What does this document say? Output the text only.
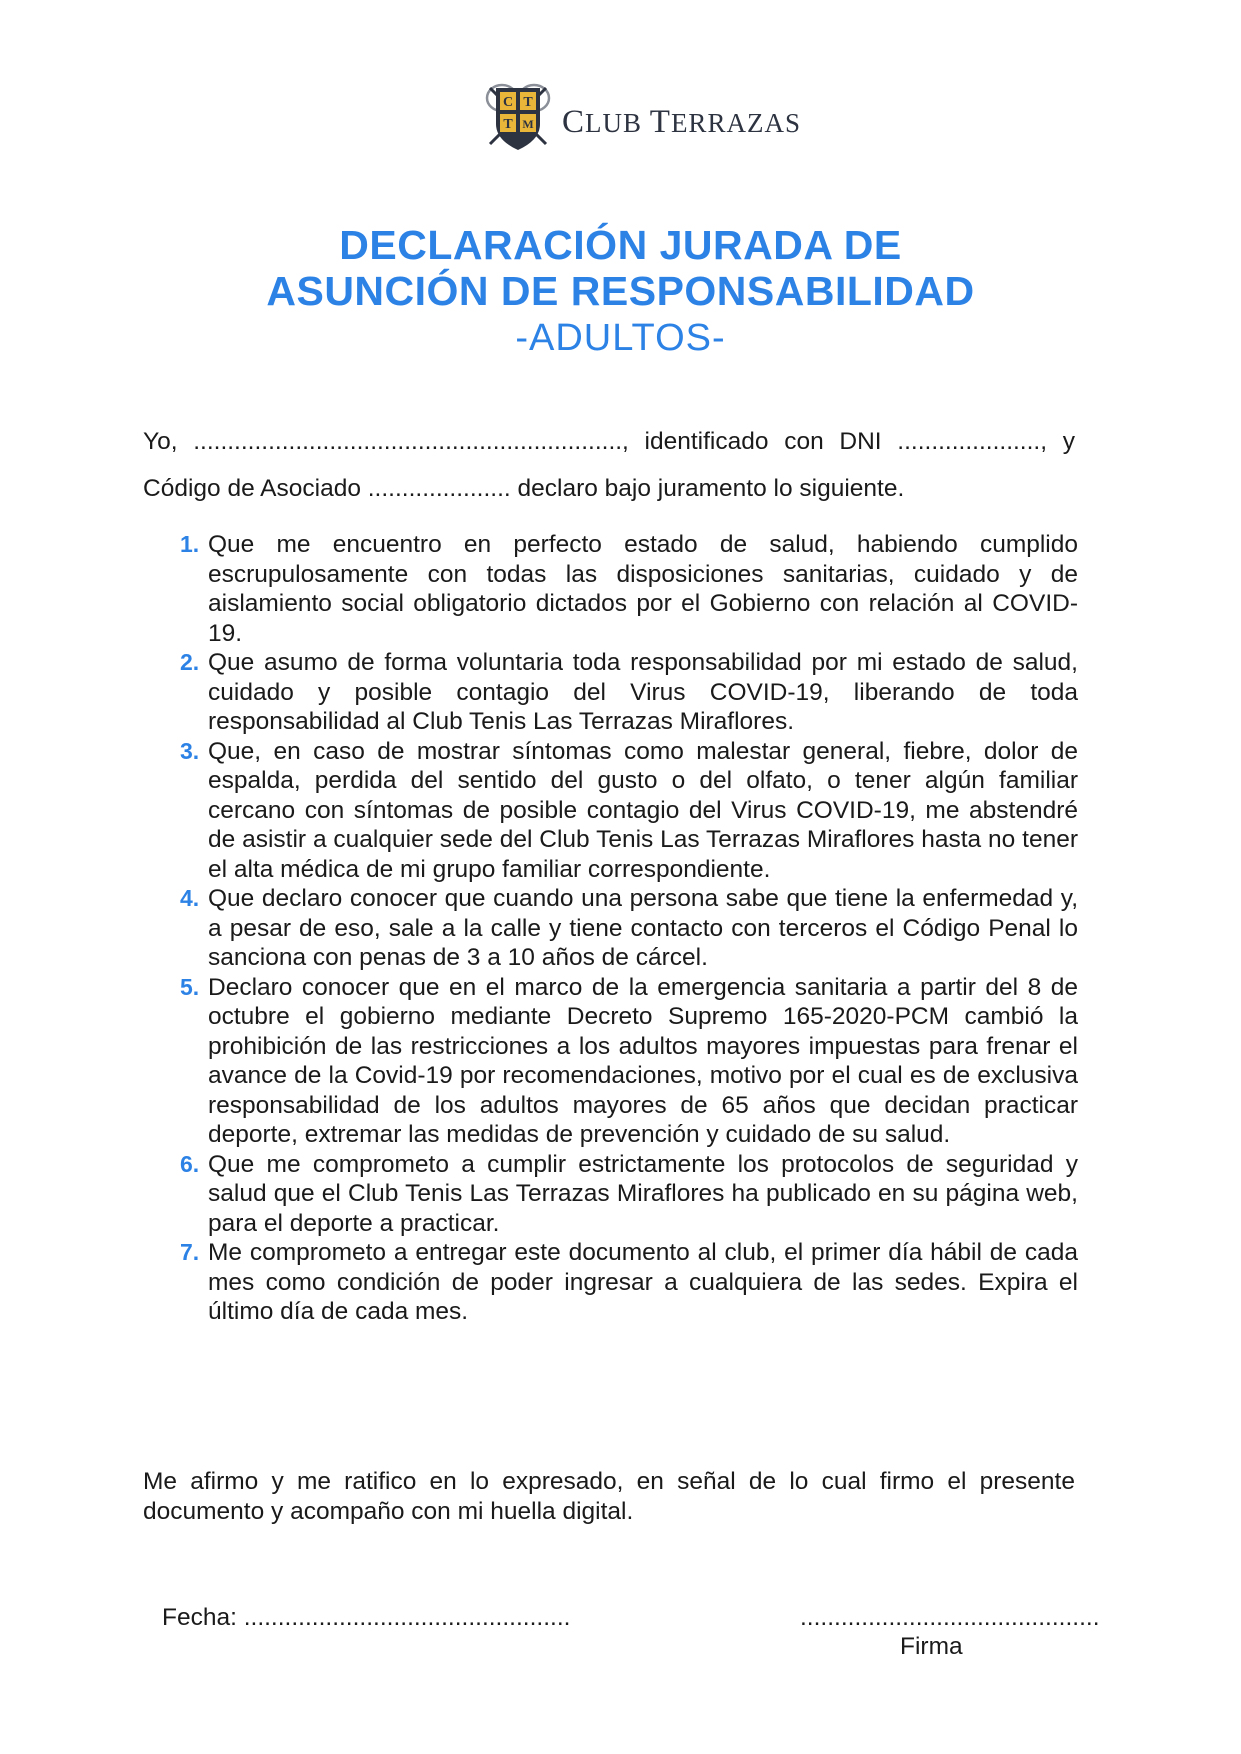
C T
T M CLUB TERRAZAS
DECLARACIÓN JURADA DE
ASUNCIÓN DE RESPONSABILIDAD
-ADULTOS-
Yo, ..............................................................., identificado con DNI ....................., y
Código de Asociado ..................... declaro bajo juramento lo siguiente.
1. Que me encuentro en perfecto estado de salud, habiendo cumplido escrupulosamente con todas las disposiciones sanitarias, cuidado y de aislamiento social obligatorio dictados por el Gobierno con relación al COVID-19.
2. Que asumo de forma voluntaria toda responsabilidad por mi estado de salud, cuidado y posible contagio del Virus COVID-19, liberando de toda responsabilidad al Club Tenis Las Terrazas Miraflores.
3. Que, en caso de mostrar síntomas como malestar general, fiebre, dolor de espalda, perdida del sentido del gusto o del olfato, o tener algún familiar cercano con síntomas de posible contagio del Virus COVID-19, me abstendré de asistir a cualquier sede del Club Tenis Las Terrazas Miraflores hasta no tener el alta médica de mi grupo familiar correspondiente.
4. Que declaro conocer que cuando una persona sabe que tiene la enfermedad y, a pesar de eso, sale a la calle y tiene contacto con terceros el Código Penal lo sanciona con penas de 3 a 10 años de cárcel.
5. Declaro conocer que en el marco de la emergencia sanitaria a partir del 8 de octubre el gobierno mediante Decreto Supremo 165-2020-PCM cambió la prohibición de las restricciones a los adultos mayores impuestas para frenar el avance de la Covid-19 por recomendaciones, motivo por el cual es de exclusiva responsabilidad de los adultos mayores de 65 años que decidan practicar deporte, extremar las medidas de prevención y cuidado de su salud.
6. Que me comprometo a cumplir estrictamente los protocolos de seguridad y salud que el Club Tenis Las Terrazas Miraflores ha publicado en su página web, para el deporte a practicar.
7. Me comprometo a entregar este documento al club, el primer día hábil de cada mes como condición de poder ingresar a cualquiera de las sedes. Expira el último día de cada mes.
Me afirmo y me ratifico en lo expresado, en señal de lo cual firmo el presente documento y acompaño con mi huella digital.
Fecha: ................................................	............................................
Firma
